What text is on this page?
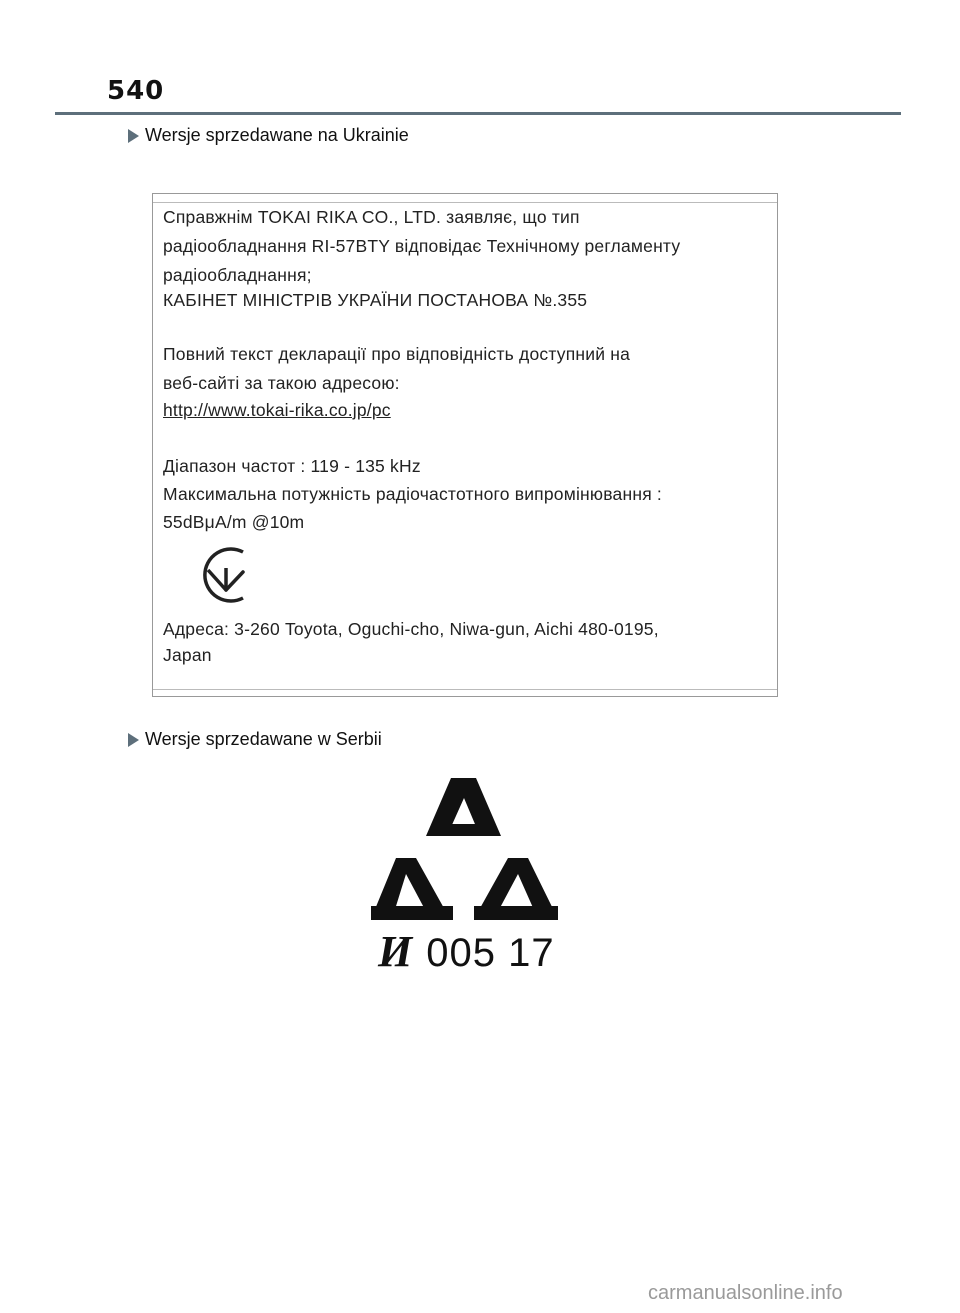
540
Wersje sprzedawane na Ukrainie
Справжнім TOKAI RIKA CO., LTD. заявляє, що тип
радіообладнання RI-57BTY відповідає Технічному регламенту
радіообладнання;
КАБІНЕТ МІНІСТРІВ УКРАЇНИ ПОСТАНОВА №.355
Повний текст декларації про відповідність доступний на
веб-сайті за такою адресою:
http://www.tokai-rika.co.jp/pc
Діапазон частот : 119 - 135 kHz
Максимальна потужність радіочастотного випромінювання :
55dBμA/m @10m
Адреса: 3-260 Toyota, Oguchi-cho, Niwa-gun, Aichi 480-0195,
Japan
Wersje sprzedawane w Serbii
И 005 17
carmanualsonline.info
